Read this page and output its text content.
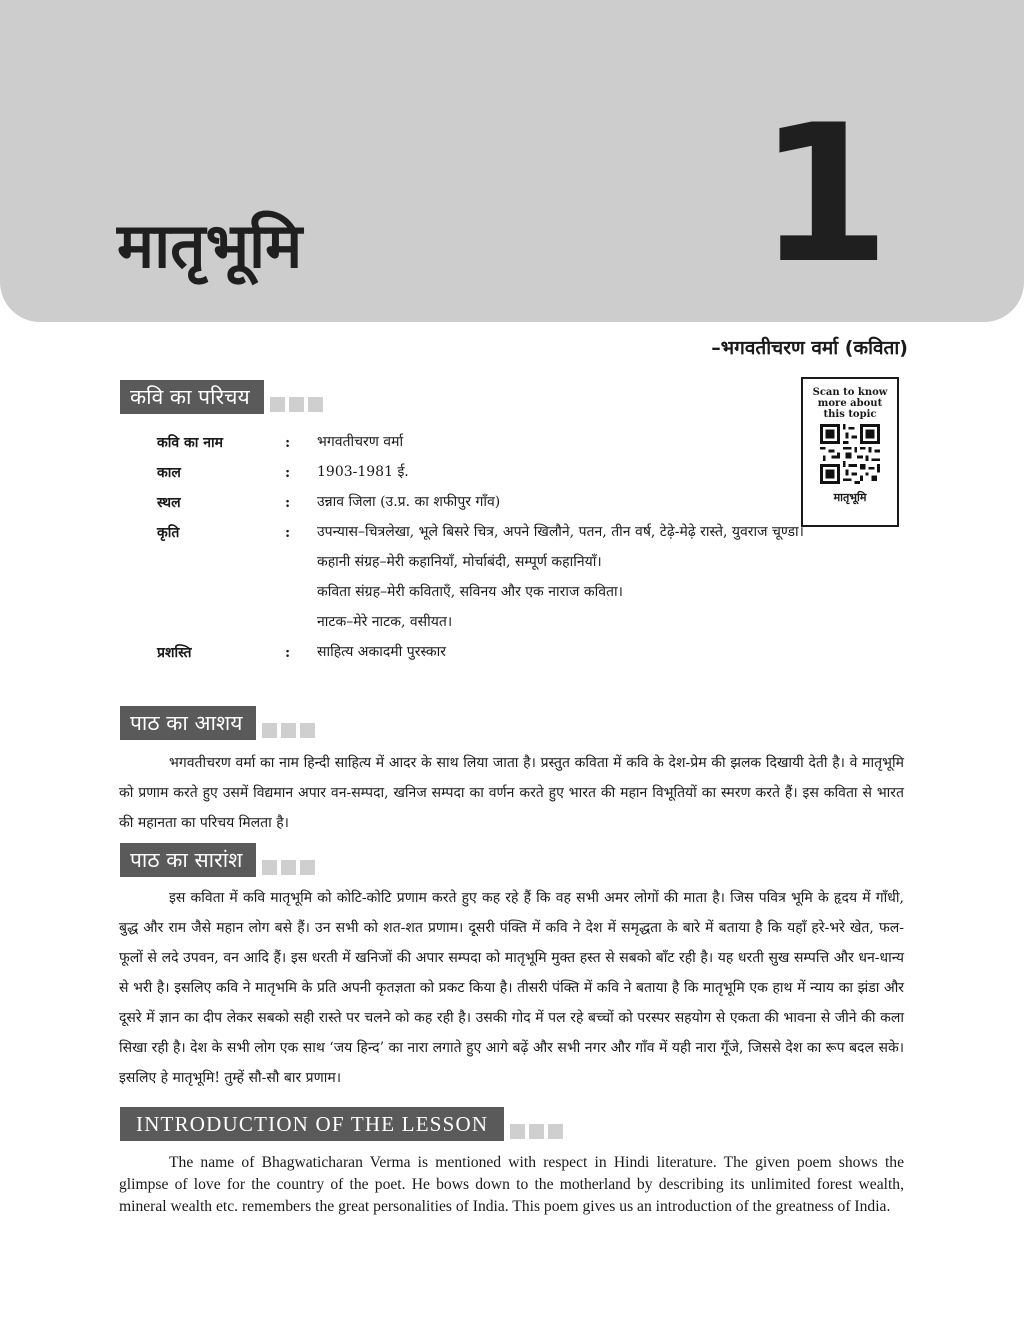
मातृभूमि 1
–भगवतीचरण वर्मा (कविता)
कवि का परिचय	Scan to know
more about
this topic
मातृभूमि
कवि का नाम	:	भगवतीचरण वर्मा
काल	:	1903-1981 ई.
स्थल	:	उन्नाव जिला (उ.प्र. का शफीपुर गाँव)
कृति	:	उपन्यास–चित्रलेखा, भूले बिसरे चित्र, अपने खिलौने, पतन, तीन वर्ष, टेढ़े-मेढ़े रास्ते, युवराज चूण्डा।
कहानी संग्रह–मेरी कहानियाँ, मोर्चाबंदी, सम्पूर्ण कहानियाँ।
कविता संग्रह–मेरी कविताएँ, सविनय और एक नाराज कविता।
नाटक–मेरे नाटक, वसीयत।
प्रशस्ति	:	साहित्य अकादमी पुरस्कार
पाठ का आशय

भगवतीचरण वर्मा का नाम हिन्दी साहित्य में आदर के साथ लिया जाता है। प्रस्तुत कविता में कवि के देश-प्रेम की झलक दिखायी देती है। वे मातृभूमि को प्रणाम करते हुए उसमें विद्यमान अपार वन-सम्पदा, खनिज सम्पदा का वर्णन करते हुए भारत की महान विभूतियों का स्मरण करते हैं। इस कविता से भारत की महानता का परिचय मिलता है।

पाठ का सारांश

इस कविता में कवि मातृभूमि को कोटि-कोटि प्रणाम करते हुए कह रहे हैं कि वह सभी अमर लोगों की माता है। जिस पवित्र भूमि के हृदय में गाँधी, बुद्ध और राम जैसे महान लोग बसे हैं। उन सभी को शत-शत प्रणाम। दूसरी पंक्ति में कवि ने देश में समृद्धता के बारे में बताया है कि यहाँ हरे-भरे खेत, फल-फूलों से लदे उपवन, वन आदि हैं। इस धरती में खनिजों की अपार सम्पदा को मातृभूमि मुक्त हस्त से सबको बाँट रही है। यह धरती सुख सम्पत्ति और धन-धान्य से भरी है। इसलिए कवि ने मातृभमि के प्रति अपनी कृतज्ञता को प्रकट किया है। तीसरी पंक्ति में कवि ने बताया है कि मातृभूमि एक हाथ में न्याय का झंडा और दूसरे में ज्ञान का दीप लेकर सबको सही रास्ते पर चलने को कह रही है। उसकी गोद में पल रहे बच्चों को परस्पर सहयोग से एकता की भावना से जीने की कला सिखा रही है। देश के सभी लोग एक साथ ‘जय हिन्द’ का नारा लगाते हुए आगे बढ़ें और सभी नगर और गाँव में यही नारा गूँजे, जिससे देश का रूप बदल सके। इसलिए हे मातृभूमि! तुम्हें सौ-सौ बार प्रणाम।

INTRODUCTION OF THE LESSON

The name of Bhagwaticharan Verma is mentioned with respect in Hindi literature. The given poem shows the glimpse of love for the country of the poet. He bows down to the motherland by describing its unlimited forest wealth, mineral wealth etc. remembers the great personalities of India. This poem gives us an introduction of the greatness of India.
